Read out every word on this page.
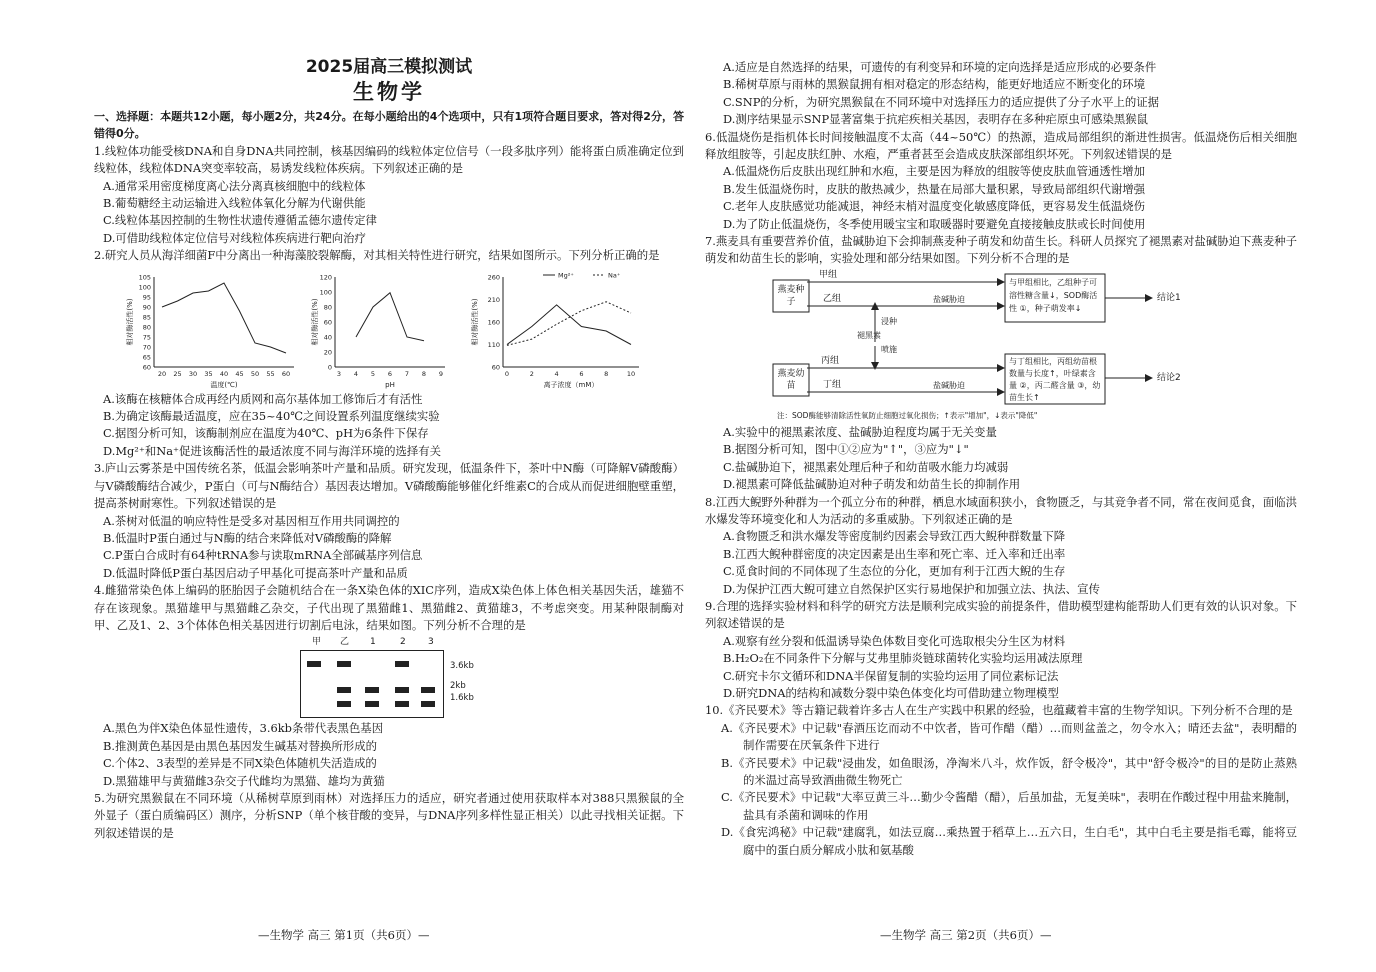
2025届高三模拟测试
生物学

一、选择题：本题共12小题，每小题2分，共24分。在每小题给出的4个选项中，只有1项符合题目要求，答对得2分，答错得0分。

1.线粒体功能受核DNA和自身DNA共同控制，核基因编码的线粒体定位信号（一段多肽序列）能将蛋白质准确定位到线粒体，线粒体DNA突变率较高，易诱发线粒体疾病。下列叙述正确的是

A.通常采用密度梯度离心法分离真核细胞中的线粒体

B.葡萄糖经主动运输进入线粒体氧化分解为代谢供能

C.线粒体基因控制的生物性状遗传遵循孟德尔遗传定律

D.可借助线粒体定位信号对线粒体疾病进行靶向治疗

2.研究人员从海洋细菌F中分离出一种海藻胶裂解酶，对其相关特性进行研究，结果如图所示。下列分析正确的是

105
100
95
90
85
80
75
70
65
60
相对酶活性(%)
温度(℃)
20 25 30 35 40 45 50 55 60
120
100
80
60
40
20
0
相对酶活性(%)
pH
3 4 5 6 7 8 9
260
210
160
110
60
相对酶活性(%)
离子浓度（mM）
0	2	4	6	8	10
Mg²⁺	Na⁺

A.该酶在核糖体合成再经内质网和高尔基体加工修饰后才有活性

B.为确定该酶最适温度，应在35~40℃之间设置系列温度继续实验

C.据图分析可知，该酶制剂应在温度为40℃、pH为6条件下保存

D.Mg²⁺和Na⁺促进该酶活性的最适浓度不同与海洋环境的选择有关

3.庐山云雾茶是中国传统名茶，低温会影响茶叶产量和品质。研究发现，低温条件下，茶叶中N酶（可降解V磷酸酶）与V磷酸酶结合减少，P蛋白（可与N酶结合）基因表达增加。V磷酸酶能够催化纤维素C的合成从而促进细胞壁重塑，提高茶树耐寒性。下列叙述错误的是

A.茶树对低温的响应特性是受多对基因相互作用共同调控的

B.低温时P蛋白通过与N酶的结合来降低对V磷酸酶的降解

C.P蛋白合成时有64种tRNA参与读取mRNA全部碱基序列信息

D.低温时降低P蛋白基因启动子甲基化可提高茶叶产量和品质

4.雌猫常染色体上编码的胚胎因子会随机结合在一条X染色体的XIC序列，造成X染色体上体色相关基因失活，雄猫不存在该现象。黑猫雄甲与黑猫雌乙杂交，子代出现了黑猫雌1、黑猫雌2、黄猫雄3，不考虑突变。用某种限制酶对甲、乙及1、2、3个体体色相关基因进行切割后电泳，结果如图。下列分析不合理的是

甲 乙 1	2 3
3.6kb
2kb
1.6kb

A.黑色为伴X染色体显性遗传，3.6kb条带代表黑色基因

B.推测黄色基因是由黑色基因发生碱基对替换所形成的

C.个体2、3表型的差异是不同X染色体随机失活造成的

D.黑猫雄甲与黄猫雌3杂交子代雌均为黑猫、雄均为黄猫

5.为研究黑猴鼠在不同环境（从稀树草原到雨林）对选择压力的适应，研究者通过使用获取样本对388只黑猴鼠的全外显子（蛋白质编码区）测序，分析SNP（单个核苷酸的变异，与DNA序列多样性显正相关）以此寻找相关证据。下列叙述错误的是

A.适应是自然选择的结果，可遗传的有利变异和环境的定向选择是适应形成的必要条件

B.稀树草原与雨林的黑猴鼠拥有相对稳定的形态结构，能更好地适应不断变化的环境

C.SNP的分析，为研究黑猴鼠在不同环境中对选择压力的适应提供了分子水平上的证据

D.测序结果显示SNP显著富集于抗疟疾相关基因，表明存在多种疟原虫可感染黑猴鼠

6.低温烧伤是指机体长时间接触温度不太高（44~50℃）的热源，造成局部组织的渐进性损害。低温烧伤后相关细胞释放组胺等，引起皮肤红肿、水疱，严重者甚至会造成皮肤深部组织坏死。下列叙述错误的是

A.低温烧伤后皮肤出现红肿和水疱，主要是因为释放的组胺等使皮肤血管通透性增加

B.发生低温烧伤时，皮肤的散热减少，热量在局部大量积累，导致局部组织代谢增强

C.老年人皮肤感觉功能减退，神经末梢对温度变化敏感度降低，更容易发生低温烧伤

D.为了防止低温烧伤，冬季使用暖宝宝和取暖器时要避免直接接触皮肤或长时间使用

7.燕麦具有重要营养价值，盐碱胁迫下会抑制燕麦种子萌发和幼苗生长。科研人员探究了褪黑素对盐碱胁迫下燕麦种子萌发和幼苗生长的影响，实验处理和部分结果如图。下列分析不合理的是

燕麦种子
燕麦幼苗
甲组
乙组
丙组
丁组
盐碱胁迫
盐碱胁迫
浸种
褪黑素
喷施
与甲组相比，乙组种子可溶性糖含量↓，SOD酶活性 ①，种子萌发率↓
与丁组相比，丙组幼苗根数量与长度↑，叶绿素含量 ②，丙二醛含量 ③，幼苗生长↑
结论1
结论2
注：SOD酶能够清除活性氧防止细胞过氧化损伤；↑表示"增加"，↓表示"降低"

A.实验中的褪黑素浓度、盐碱胁迫程度均属于无关变量

B.据图分析可知，图中①②应为"↑"，③应为"↓"

C.盐碱胁迫下，褪黑素处理后种子和幼苗吸水能力均减弱

D.褪黑素可降低盐碱胁迫对种子萌发和幼苗生长的抑制作用

8.江西大鲵野外种群为一个孤立分布的种群，栖息水域面积狭小，食物匮乏，与其竞争者不同，常在夜间觅食，面临洪水爆发等环境变化和人为活动的多重威胁。下列叙述正确的是

A.食物匮乏和洪水爆发等密度制约因素会导致江西大鲵种群数量下降

B.江西大鲵种群密度的决定因素是出生率和死亡率、迁入率和迁出率

C.觅食时间的不同体现了生态位的分化，更加有利于江西大鲵的生存

D.为保护江西大鲵可建立自然保护区实行易地保护和加强立法、执法、宣传

9.合理的选择实验材料和科学的研究方法是顺利完成实验的前提条件，借助模型建构能帮助人们更有效的认识对象。下列叙述错误的是

A.观察有丝分裂和低温诱导染色体数目变化可选取根尖分生区为材料

B.H₂O₂在不同条件下分解与艾弗里肺炎链球菌转化实验均运用减法原理

C.研究卡尔文循环和DNA半保留复制的实验均运用了同位素标记法

D.研究DNA的结构和减数分裂中染色体变化均可借助建立物理模型

10.《齐民要术》等古籍记载着许多古人在生产实践中积累的经验，也蕴藏着丰富的生物学知识。下列分析不合理的是

A.《齐民要术》中记载"春酒压讫而动不中饮者，皆可作醋（醋）…而则盆盖之，勿令水入；晴还去盆"，表明醋的制作需要在厌氧条件下进行

B.《齐民要术》中记载"浸曲发，如鱼眼汤，净淘米八斗，炊作饭，舒令极冷"，其中"舒令极冷"的目的是防止蒸熟的米温过高导致酒曲微生物死亡

C.《齐民要术》中记载"大率豆黄三斗…勤少令酱醋（醋），后虽加盐，无复美味"，表明在作酸过程中用盐来腌制，盐具有杀菌和调味的作用

D.《食宪鸿秘》中记载"建腐乳，如法豆腐…乘热置于稻草上…五六日，生白毛"，其中白毛主要是指毛霉，能将豆腐中的蛋白质分解成小肽和氨基酸

—生物学 高三 第1页（共6页）—	—生物学 高三 第2页（共6页）—
